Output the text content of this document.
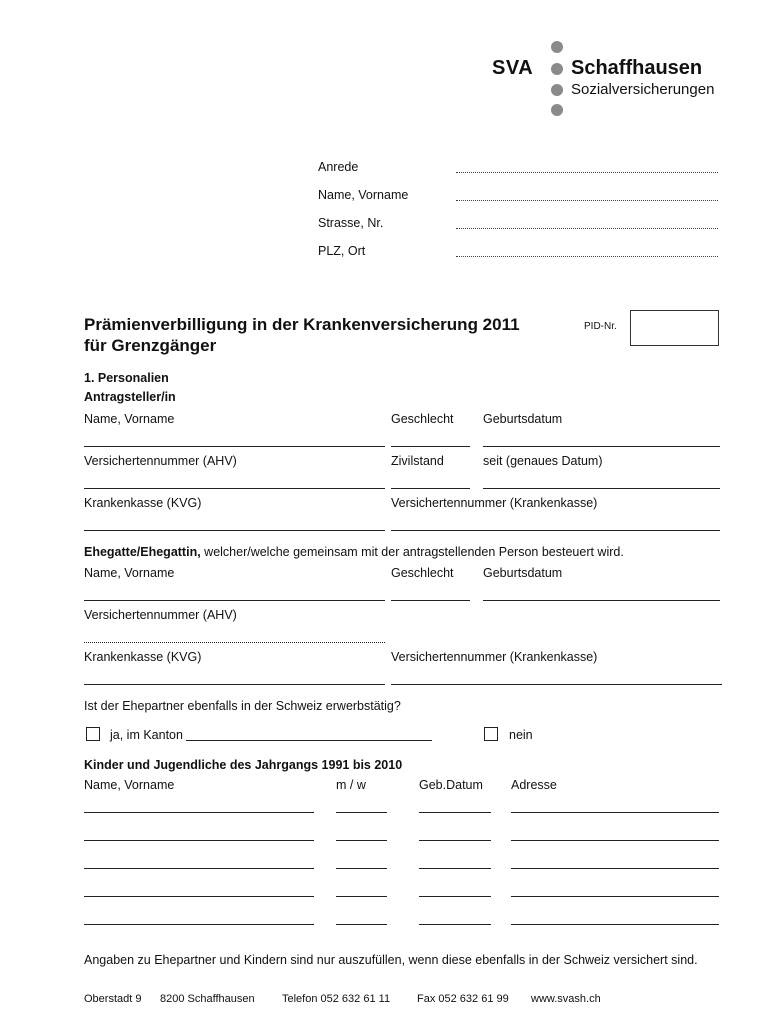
SVA Schaffhausen
Sozialversicherungen
Anrede
Name, Vorname
Strasse, Nr.
PLZ, Ort
Prämienverbilligung in der Krankenversicherung 2011
für Grenzgänger
PID-Nr.
1. Personalien
Antragsteller/in
Name, Vorname	Geschlecht Geburtsdatum
Versichertennummer (AHV)	Zivilstand	seit (genaues Datum)
Krankenkasse (KVG)	Versichertennummer (Krankenkasse)
Ehegatte/Ehegattin, welcher/welche gemeinsam mit der antragstellenden Person besteuert wird.
Name, Vorname	Geschlecht Geburtsdatum
Versichertennummer (AHV)
Krankenkasse (KVG)	Versichertennummer (Krankenkasse)
Ist der Ehepartner ebenfalls in der Schweiz erwerbstätig?
ja, im Kanton	nein
Kinder und Jugendliche des Jahrgangs 1991 bis 2010
Name, Vorname	m / w	Geb.Datum Adresse
Angaben zu Ehepartner und Kindern sind nur auszufüllen, wenn diese ebenfalls in der Schweiz versichert sind.
Oberstadt 9 8200 Schaffhausen Telefon 052 632 61 11 Fax 052 632 61 99 www.svash.ch
